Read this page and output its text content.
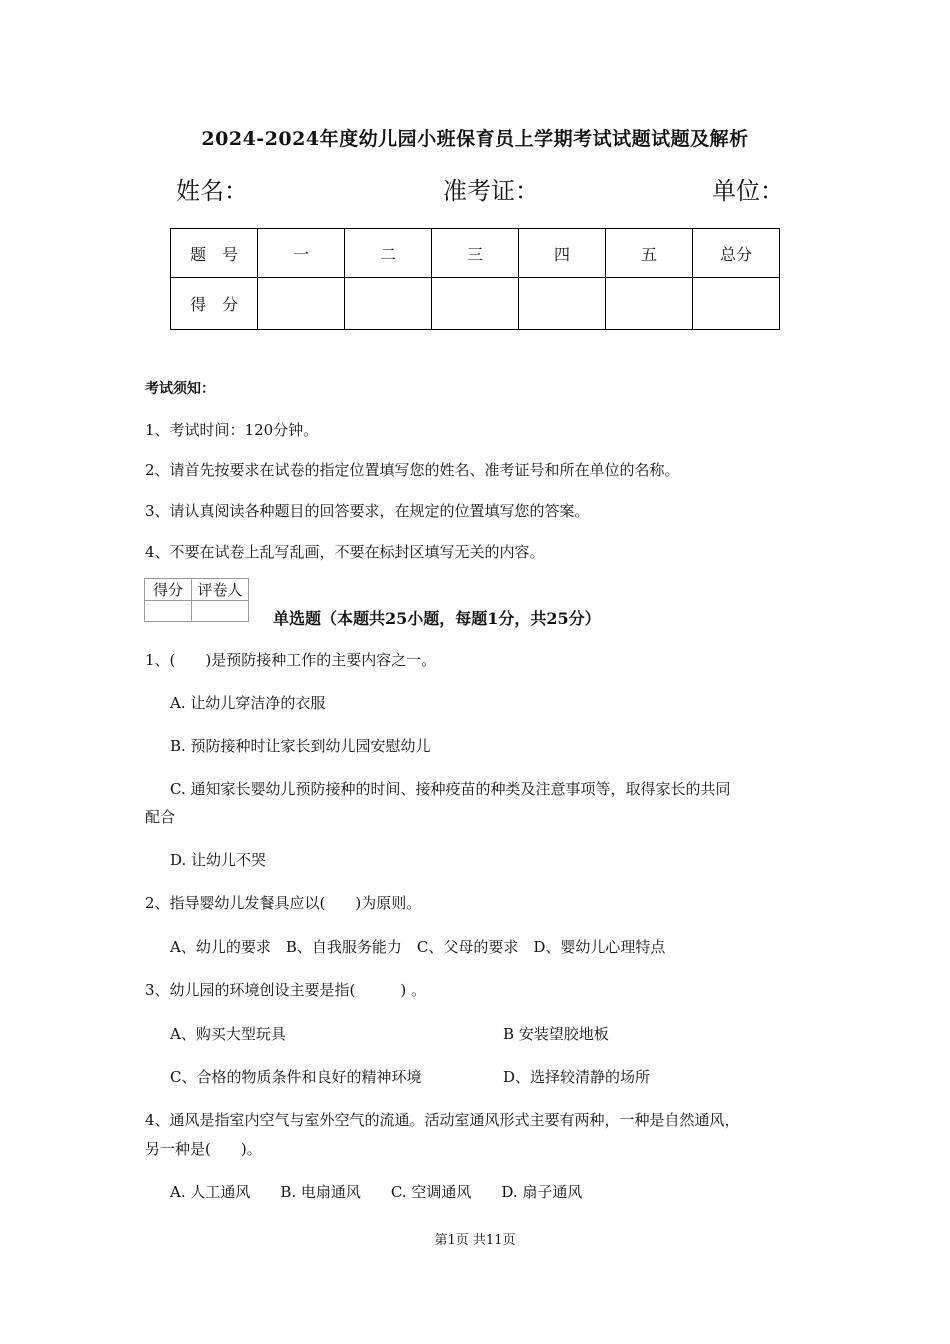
2024-2024年度幼儿园小班保育员上学期考试试题试题及解析
姓名：	准考证：	单位：
题　号	一	二	三	四	五	总分
得　分						
考试须知：
1、考试时间：120分钟。
2、请首先按要求在试卷的指定位置填写您的姓名、准考证号和所在单位的名称。
3、请认真阅读各种题目的回答要求，在规定的位置填写您的答案。
4、不要在试卷上乱写乱画，不要在标封区填写无关的内容。
得分	评卷人

单选题（本题共25小题，每题1分，共25分）
1、(　　)是预防接种工作的主要内容之一。
A. 让幼儿穿洁净的衣服
B. 预防接种时让家长到幼儿园安慰幼儿
C. 通知家长婴幼儿预防接种的时间、接种疫苗的种类及注意事项等，取得家长的共同
配合
D. 让幼儿不哭
2、指导婴幼儿发餐具应以(　　)为原则。
A、幼儿的要求　B、自我服务能力　C、父母的要求　D、婴幼儿心理特点
3、幼儿园的环境创设主要是指(　　　) 。
A、购买大型玩具	B 安装望胶地板
C、合格的物质条件和良好的精神环境	D、选择较清静的场所
4、通风是指室内空气与室外空气的流通。活动室通风形式主要有两种，一种是自然通风，
另一种是(　　)。
A. 人工通风　　B. 电扇通风　　C. 空调通风　　D. 扇子通风
第1页 共11页
